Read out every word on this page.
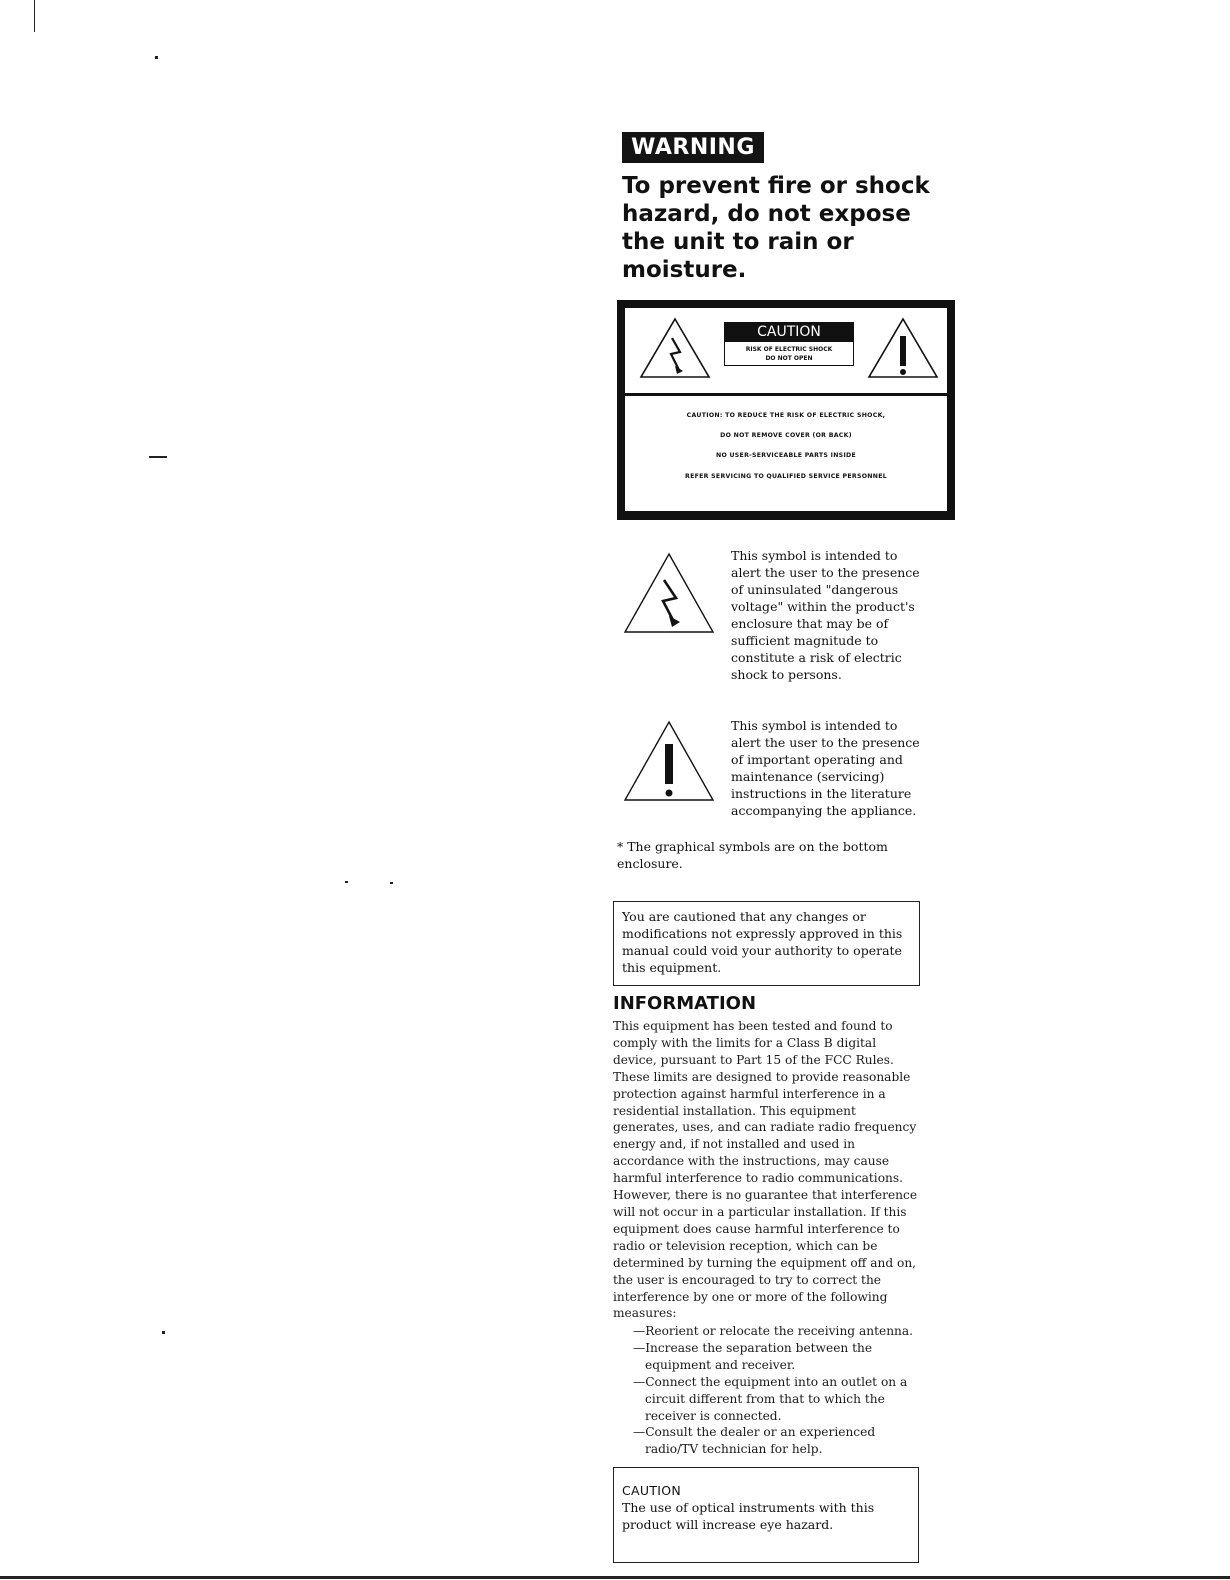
WARNING
To prevent fire or shock hazard, do not expose the unit to rain or moisture.
CAUTION
RISK OF ELECTRIC SHOCK
DO NOT OPEN
CAUTION: TO REDUCE THE RISK OF ELECTRIC SHOCK,
DO NOT REMOVE COVER (OR BACK)
NO USER-SERVICEABLE PARTS INSIDE
REFER SERVICING TO QUALIFIED SERVICE PERSONNEL

This symbol is intended to alert the user to the presence of uninsulated "dangerous voltage" within the product's enclosure that may be of sufficient magnitude to constitute a risk of electric shock to persons.

This symbol is intended to alert the user to the presence of important operating and maintenance (servicing) instructions in the literature accompanying the appliance.

* The graphical symbols are on the bottom enclosure.

You are cautioned that any changes or modifications not expressly approved in this manual could void your authority to operate this equipment.
INFORMATION

This equipment has been tested and found to comply with the limits for a Class B digital device, pursuant to Part 15 of the FCC Rules. These limits are designed to provide reasonable protection against harmful interference in a residential installation. This equipment generates, uses, and can radiate radio frequency energy and, if not installed and used in accordance with the instructions, may cause harmful interference to radio communications. However, there is no guarantee that interference will not occur in a particular installation. If this equipment does cause harmful interference to radio or television reception, which can be determined by turning the equipment off and on, the user is encouraged to try to correct the interference by one or more of the following measures:

—Reorient or relocate the receiving antenna.
—Increase the separation between the equipment and receiver.
—Connect the equipment into an outlet on a circuit different from that to which the receiver is connected.
—Consult the dealer or an experienced radio/TV technician for help.
CAUTION
The use of optical instruments with this product will increase eye hazard.
